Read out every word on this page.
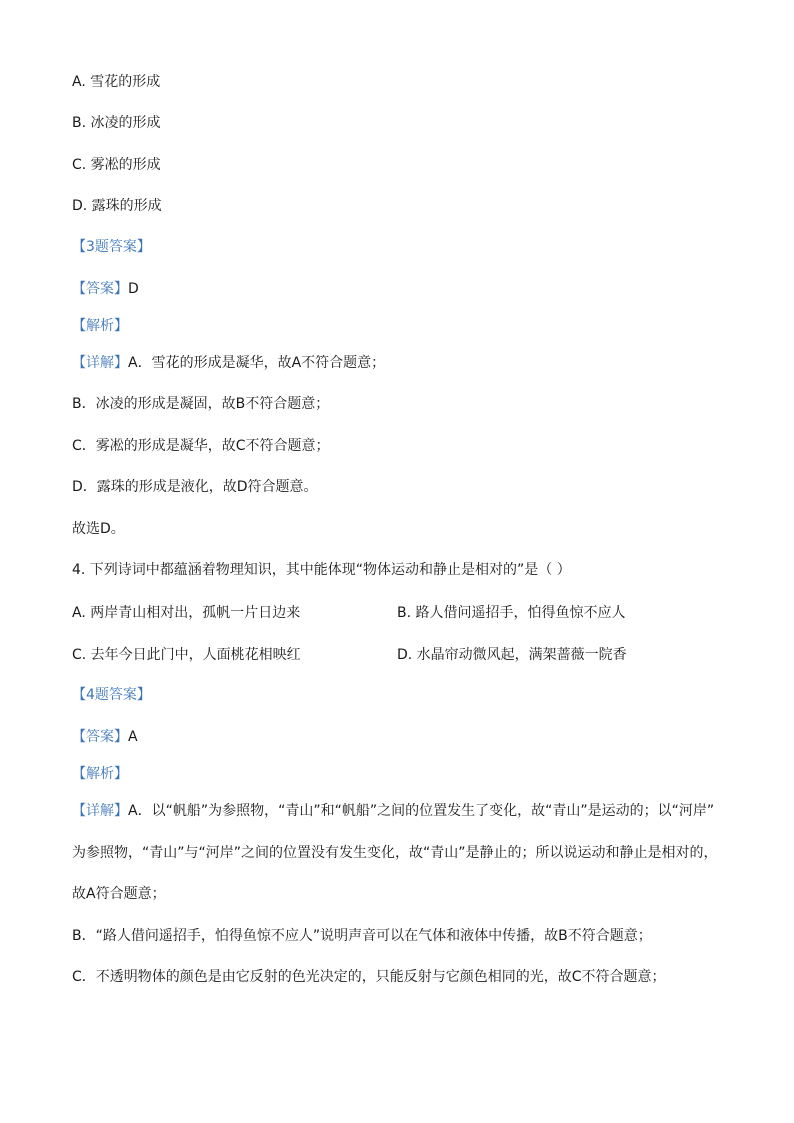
A. 雪花的形成

B. 冰凌的形成

C. 雾凇的形成

D. 露珠的形成

【3题答案】

【答案】D

【解析】

【详解】A．雪花的形成是凝华，故A不符合题意；

B．冰凌的形成是凝固，故B不符合题意；

C．雾凇的形成是凝华，故C不符合题意；

D．露珠的形成是液化，故D符合题意。

故选D。

4. 下列诗词中都蕴涵着物理知识，其中能体现“物体运动和静止是相对的”是（ ）

A. 两岸青山相对出，孤帆一片日边来	B. 路人借问遥招手，怕得鱼惊不应人
C. 去年今日此门中，人面桃花相映红	D. 水晶帘动微风起，满架蔷薇一院香

【4题答案】

【答案】A

【解析】

【详解】A．以“帆船”为参照物，“青山”和“帆船”之间的位置发生了变化，故“青山”是运动的；以“河岸”

为参照物，“青山”与“河岸”之间的位置没有发生变化，故“青山”是静止的；所以说运动和静止是相对的，

故A符合题意；

B．“路人借问遥招手，怕得鱼惊不应人”说明声音可以在气体和液体中传播，故B不符合题意；

C．不透明物体的颜色是由它反射的色光决定的，只能反射与它颜色相同的光，故C不符合题意；
